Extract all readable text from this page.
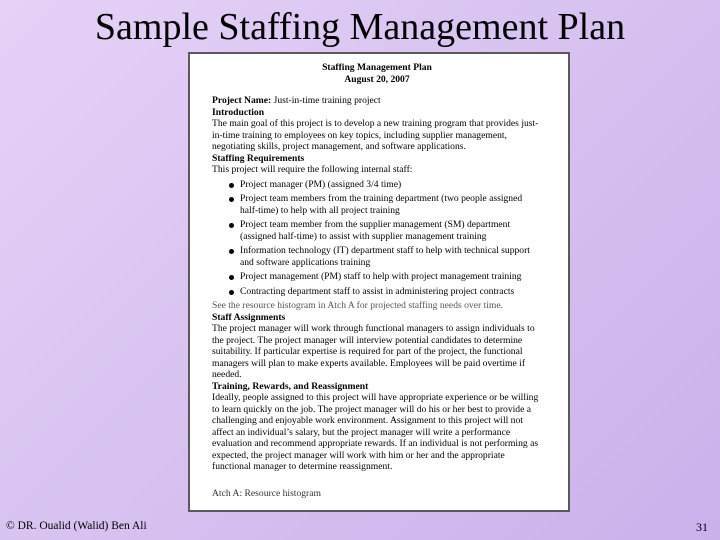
Sample Staffing Management Plan
Staffing Management Plan
August 20, 2007
Project Name: Just-in-time training project
Introduction
The main goal of this project is to develop a new training program that provides just-in-time training to employees on key topics, including supplier management, negotiating skills, project management, and software applications.
Staffing Requirements
This project will require the following internal staff:
Project manager (PM) (assigned 3/4 time)
Project team members from the training department (two people assigned half-time) to help with all project training
Project team member from the supplier management (SM) department (assigned half-time) to assist with supplier management training
Information technology (IT) department staff to help with technical support and software applications training
Project management (PM) staff to help with project management training
Contracting department staff to assist in administering project contracts
See the resource histogram in Atch A for projected staffing needs over time.
Staff Assignments
The project manager will work through functional managers to assign individuals to the project. The project manager will interview potential candidates to determine suitability. If particular expertise is required for part of the project, the functional managers will plan to make experts available. Employees will be paid overtime if needed.
Training, Rewards, and Reassignment
Ideally, people assigned to this project will have appropriate experience or be willing to learn quickly on the job. The project manager will do his or her best to provide a challenging and enjoyable work environment. Assignment to this project will not affect an individual’s salary, but the project manager will write a performance evaluation and recommend appropriate rewards. If an individual is not performing as expected, the project manager will work with him or her and the appropriate functional manager to determine reassignment.
Atch A: Resource histogram
© DR. Oualid (Walid) Ben Ali	31
